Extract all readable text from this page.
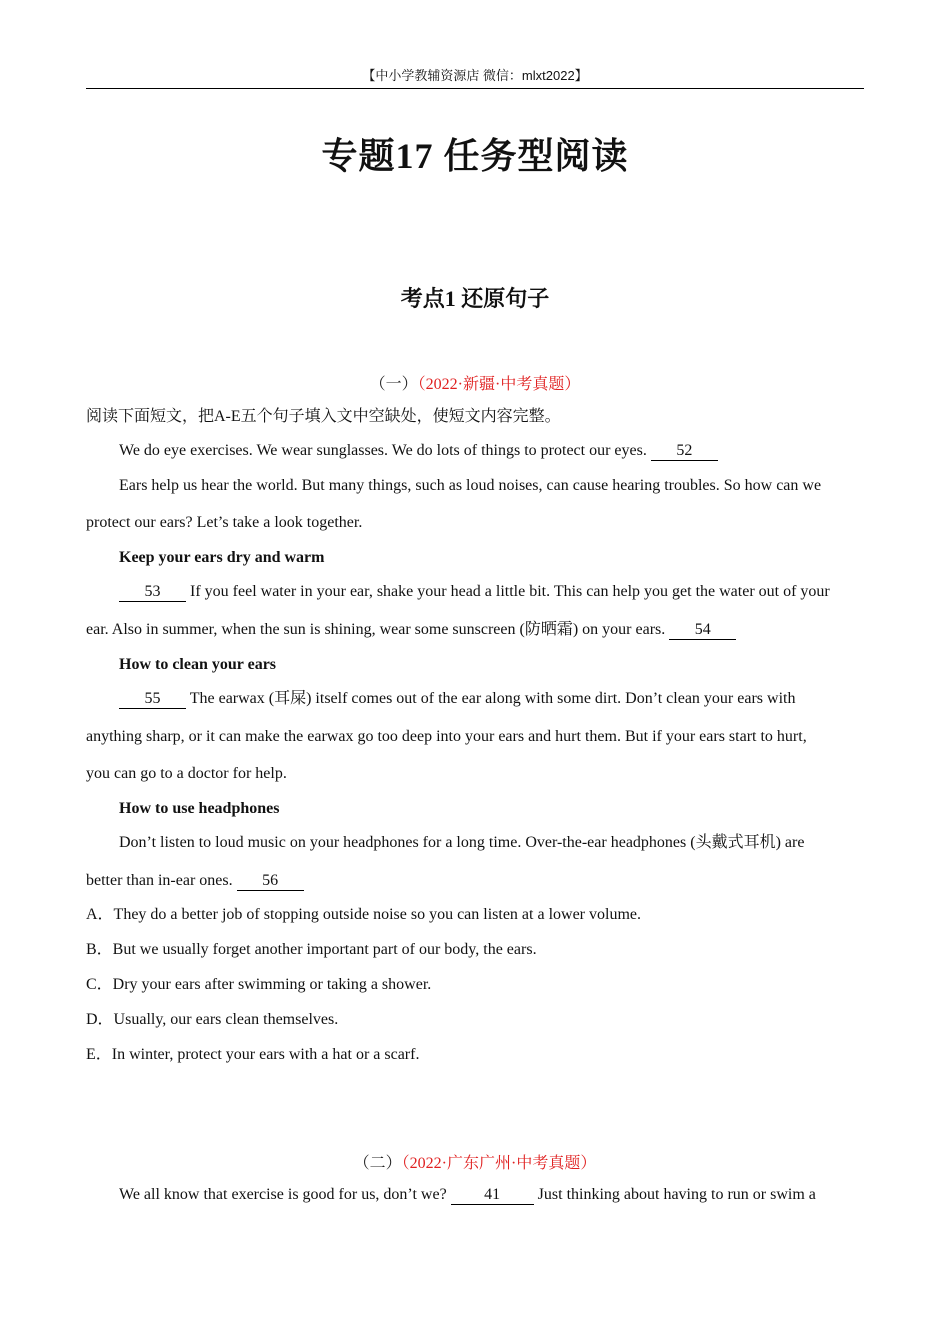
【中小学教辅资源店 微信：mlxt2022】
专题17 任务型阅读
考点1 还原句子
（一）（2022·新疆·中考真题）
阅读下面短文，把A-E五个句子填入文中空缺处，使短文内容完整。
We do eye exercises. We wear sunglasses. We do lots of things to protect our eyes. 52
Ears help us hear the world. But many things, such as loud noises, can cause hearing troubles. So how can we
protect our ears? Let’s take a look together.
Keep your ears dry and warm
53 If you feel water in your ear, shake your head a little bit. This can help you get the water out of your
ear. Also in summer, when the sun is shining, wear some sunscreen (防晒霜) on your ears. 54
How to clean your ears
55 The earwax (耳屎) itself comes out of the ear along with some dirt. Don’t clean your ears with
anything sharp, or it can make the earwax go too deep into your ears and hurt them. But if your ears start to hurt,
you can go to a doctor for help.
How to use headphones
Don’t listen to loud music on your headphones for a long time. Over-the-ear headphones (头戴式耳机) are
better than in-ear ones. 56
A．They do a better job of stopping outside noise so you can listen at a lower volume.
B．But we usually forget another important part of our body, the ears.
C．Dry your ears after swimming or taking a shower.
D．Usually, our ears clean themselves.
E．In winter, protect your ears with a hat or a scarf.
（二）（2022·广东广州·中考真题）
We all know that exercise is good for us, don’t we? 41 Just thinking about having to run or swim a
